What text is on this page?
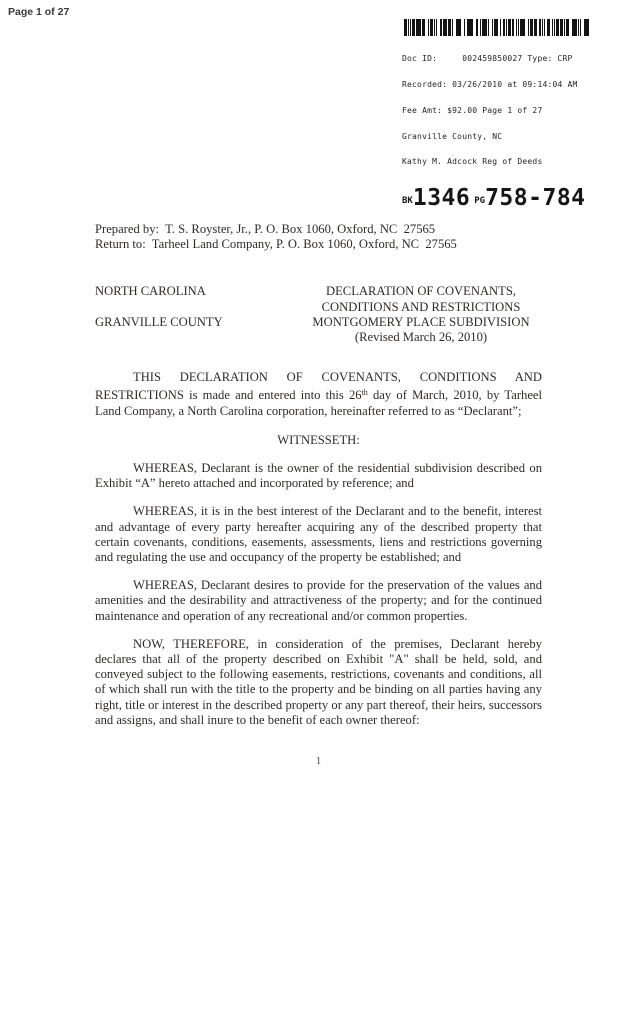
Page 1 of 27

Doc ID:     002459850027 Type: CRP

Recorded: 03/26/2010 at 09:14:04 AM

Fee Amt: $92.00 Page 1 of 27

Granville County, NC

Kathy M. Adcock Reg of Deeds

BK1346 PG758-784
Prepared by:  T. S. Royster, Jr., P. O. Box 1060, Oxford, NC  27565
Return to:  Tarheel Land Company, P. O. Box 1060, Oxford, NC  27565
NORTH CAROLINA
GRANVILLE COUNTY
DECLARATION OF COVENANTS,
CONDITIONS AND RESTRICTIONS
MONTGOMERY PLACE SUBDIVISION
(Revised March 26, 2010)

THIS DECLARATION OF COVENANTS, CONDITIONS AND RESTRICTIONS is made and entered into this 26th day of March, 2010, by Tarheel Land Company, a North Carolina corporation, hereinafter referred to as “Declarant”;

WITNESSETH:

WHEREAS, Declarant is the owner of the residential subdivision described on Exhibit “A” hereto attached and incorporated by reference; and

WHEREAS, it is in the best interest of the Declarant and to the benefit, interest and advantage of every party hereafter acquiring any of the described property that certain covenants, conditions, easements, assessments, liens and restrictions governing and regulating the use and occupancy of the property be established; and

WHEREAS, Declarant desires to provide for the preservation of the values and amenities and the desirability and attractiveness of the property; and for the continued maintenance and operation of any recreational and/or common properties.

NOW, THEREFORE, in consideration of the premises, Declarant hereby declares that all of the property described on Exhibit "A" shall be held, sold, and conveyed subject to the following easements, restrictions, covenants and conditions, all of which shall run with the title to the property and be binding on all parties having any right, title or interest in the described property or any part thereof, their heirs, successors and assigns, and shall inure to the benefit of each owner thereof:

1
